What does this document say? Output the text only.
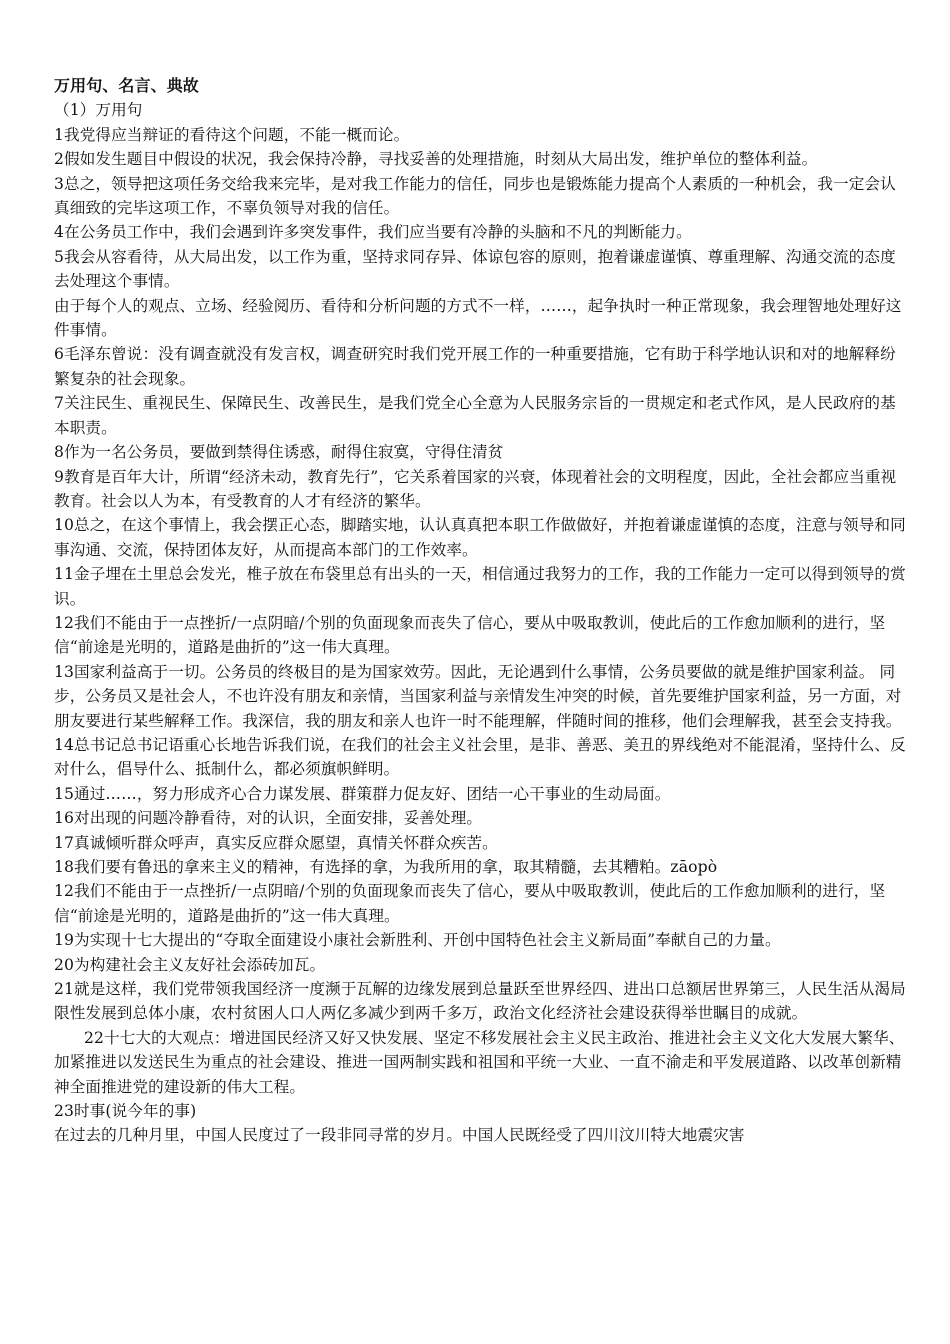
万用句、名言、典故

（1）万用句

1我党得应当辩证的看待这个问题，不能一概而论。

2假如发生题目中假设的状况，我会保持冷静，寻找妥善的处理措施，时刻从大局出发，维护单位的整体利益。

3总之，领导把这项任务交给我来完毕，是对我工作能力的信任，同步也是锻炼能力提高个人素质的一种机会，我一定会认真细致的完毕这项工作，不辜负领导对我的信任。

4在公务员工作中，我们会遇到许多突发事件，我们应当要有冷静的头脑和不凡的判断能力。

5我会从容看待，从大局出发，以工作为重，坚持求同存异、体谅包容的原则，抱着谦虚谨慎、尊重理解、沟通交流的态度去处理这个事情。

由于每个人的观点、立场、经验阅历、看待和分析问题的方式不一样，……，起争执时一种正常现象，我会理智地处理好这件事情。

6毛泽东曾说：没有调查就没有发言权，调查研究时我们党开展工作的一种重要措施，它有助于科学地认识和对的地解释纷繁复杂的社会现象。

7关注民生、重视民生、保障民生、改善民生，是我们党全心全意为人民服务宗旨的一贯规定和老式作风，是人民政府的基本职责。

8作为一名公务员，要做到禁得住诱惑，耐得住寂寞，守得住清贫

9教育是百年大计，所谓“经济未动，教育先行”，它关系着国家的兴衰，体现着社会的文明程度，因此，全社会都应当重视教育。社会以人为本，有受教育的人才有经济的繁华。

10总之，在这个事情上，我会摆正心态，脚踏实地，认认真真把本职工作做做好，并抱着谦虚谨慎的态度，注意与领导和同事沟通、交流，保持团体友好，从而提高本部门的工作效率。

11金子埋在土里总会发光，椎子放在布袋里总有出头的一天，相信通过我努力的工作，我的工作能力一定可以得到领导的赏识。

12我们不能由于一点挫折/一点阴暗/个别的负面现象而丧失了信心，要从中吸取教训，使此后的工作愈加顺利的进行，坚信“前途是光明的，道路是曲折的”这一伟大真理。

13国家利益高于一切。公务员的终极目的是为国家效劳。因此，无论遇到什么事情，公务员要做的就是维护国家利益。 同步，公务员又是社会人，不也许没有朋友和亲情，当国家利益与亲情发生冲突的时候，首先要维护国家利益，另一方面，对朋友要进行某些解释工作。我深信，我的朋友和亲人也许一时不能理解，伴随时间的推移，他们会理解我，甚至会支持我。

14总书记总书记语重心长地告诉我们说，在我们的社会主义社会里，是非、善恶、美丑的界线绝对不能混淆，坚持什么、反对什么，倡导什么、抵制什么，都必须旗帜鲜明。

15通过……，努力形成齐心合力谋发展、群策群力促友好、团结一心干事业的生动局面。

16对出现的问题冷静看待，对的认识，全面安排，妥善处理。

17真诚倾听群众呼声，真实反应群众愿望，真情关怀群众疾苦。

18我们要有鲁迅的拿来主义的精神，有选择的拿，为我所用的拿，取其精髓，去其糟粕。zāopò

12我们不能由于一点挫折/一点阴暗/个别的负面现象而丧失了信心，要从中吸取教训，使此后的工作愈加顺利的进行，坚信“前途是光明的，道路是曲折的”这一伟大真理。

19为实现十七大提出的“夺取全面建设小康社会新胜利、开创中国特色社会主义新局面”奉献自己的力量。

20为构建社会主义友好社会添砖加瓦。

21就是这样，我们党带领我国经济一度濒于瓦解的边缘发展到总量跃至世界经四、进出口总额居世界第三，人民生活从渴局限性发展到总体小康，农村贫困人口人两亿多减少到两千多万，政治文化经济社会建设获得举世瞩目的成就。

22十七大的大观点：增进国民经济又好又快发展、坚定不移发展社会主义民主政治、推进社会主义文化大发展大繁华、加紧推进以发送民生为重点的社会建设、推进一国两制实践和祖国和平统一大业、一直不渝走和平发展道路、以改革创新精神全面推进党的建设新的伟大工程。

23时事(说今年的事)

在过去的几种月里，中国人民度过了一段非同寻常的岁月。中国人民既经受了四川汶川特大地震灾害
